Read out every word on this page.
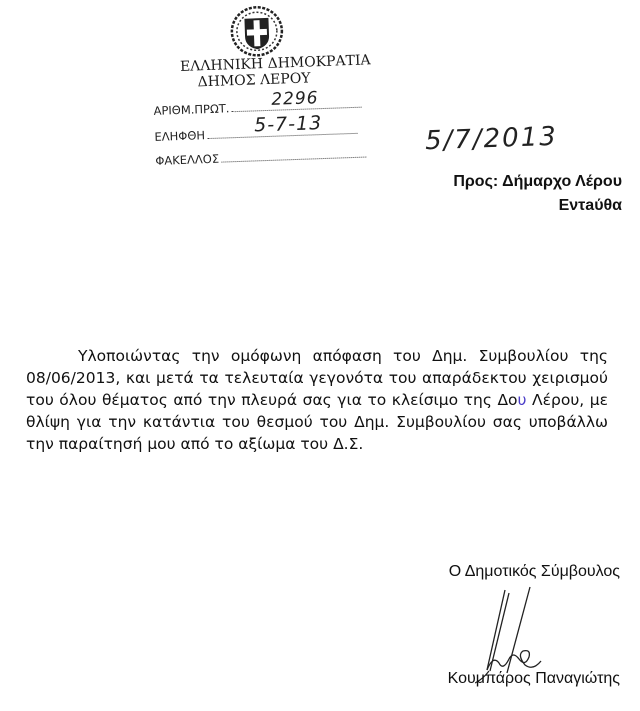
ΕΛΛΗΝΙΚΗ ΔΗΜΟΚΡΑΤΙΑ
ΔΗΜΟΣ ΛΕΡΟΥ
ΑΡΙΘΜ.ΠΡΩΤ. 2296
ΕΛΗΦΘΗ	5-7-13
ΦΑΚΕΛΛΟΣ
5/7/2013
Προς: Δήμαρχο Λέρου
Εντaύθα

Υλοποιώντας την ομόφωνη απόφαση του Δημ. Συμβουλίου της 08/06/2013, και μετά τα τελευταία γεγονότα του απαράδεκτου χειρισμού του όλου θέματος από την πλευρά σας για το κλείσιμο της Δου Λέρου, με θλίψη για την κατάντια του θεσμού του Δημ. Συμβουλίου σας υποβάλλω την παραίτησή μου από το αξίωμα του Δ.Σ.

Ο Δημοτικός Σύμβουλος
Κουμπάρος Παναγιώτης
